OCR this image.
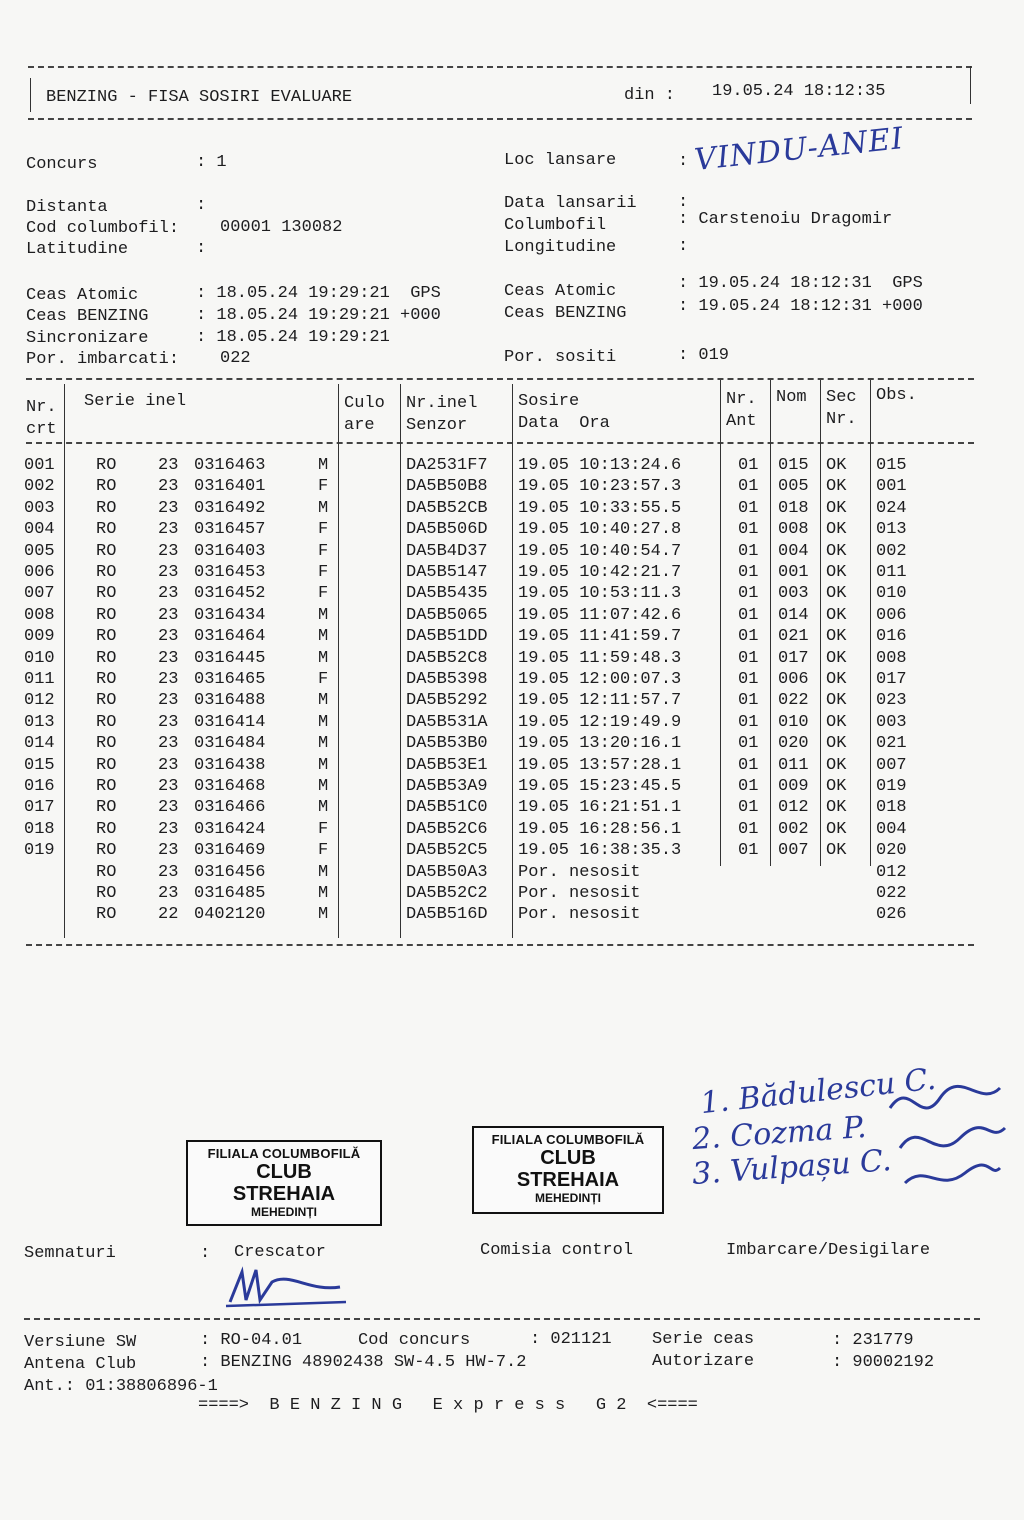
BENZING - FISA SOSIRI EVALUARE	din : 19.05.24 18:12:35
Concurs	: 1	Loc lansare	: VINDU-ANEI
Distanta	:	Data lansarii :
Cod columbofil: 00001 130082	Columbofil	: Carstenoiu Dragomir
Latitudine	:	Longitudine	:
Ceas Atomic	: 18.05.24 19:29:21  GPS	Ceas Atomic	: 19.05.24 18:12:31  GPS
Ceas BENZING	: 18.05.24 19:29:21 +000	Ceas BENZING	: 19.05.24 18:12:31 +000
Sincronizare	: 18.05.24 19:29:21
Por. imbarcati: 022	Por. sositi	: 019
Nr.
crt
Serie inel	Culo
are
Nr.inel
Senzor
Sosire
Data  Ora
Nr.
Ant
Nom Sec
Nr.
Obs.
001 RO 23 0316463	M	DA2531F7 19.05 10:13:24.6	01 015 OK 015
002 RO 23 0316401	F	DA5B50B8 19.05 10:23:57.3	01 005 OK 001
003 RO 23 0316492	M	DA5B52CB 19.05 10:33:55.5	01 018 OK 024
004 RO 23 0316457	F	DA5B506D 19.05 10:40:27.8	01 008 OK 013
005 RO 23 0316403	F	DA5B4D37 19.05 10:40:54.7	01 004 OK 002
006 RO 23 0316453	F	DA5B5147 19.05 10:42:21.7	01 001 OK 011
007 RO 23 0316452	F	DA5B5435 19.05 10:53:11.3	01 003 OK 010
008 RO 23 0316434	M	DA5B5065 19.05 11:07:42.6	01 014 OK 006
009 RO 23 0316464	M	DA5B51DD 19.05 11:41:59.7	01 021 OK 016
010 RO 23 0316445	M	DA5B52C8 19.05 11:59:48.3	01 017 OK 008
011 RO 23 0316465	F	DA5B5398 19.05 12:00:07.3	01 006 OK 017
012 RO 23 0316488	M	DA5B5292 19.05 12:11:57.7	01 022 OK 023
013 RO 23 0316414	M	DA5B531A 19.05 12:19:49.9	01 010 OK 003
014 RO 23 0316484	M	DA5B53B0 19.05 13:20:16.1	01 020 OK 021
015 RO 23 0316438	M	DA5B53E1 19.05 13:57:28.1	01 011 OK 007
016 RO 23 0316468	M	DA5B53A9 19.05 15:23:45.5	01 009 OK 019
017 RO 23 0316466	M	DA5B51C0 19.05 16:21:51.1	01 012 OK 018
018 RO 23 0316424	F	DA5B52C6 19.05 16:28:56.1	01 002 OK 004
019 RO 23 0316469	F	DA5B52C5 19.05 16:38:35.3	01 007 OK 020
RO 23 0316456	M	DA5B50A3 Por. nesosit	012
RO 23 0316485	M	DA5B52C2 Por. nesosit	022
RO 22 0402120	M	DA5B516D Por. nesosit	026
FILIALA COLUMBOFILĂ
CLUB
STREHAIA
MEHEDINȚI
FILIALA COLUMBOFILĂ
CLUB
STREHAIA
MEHEDINȚI
1. Bădulescu C.
2. Cozma P.
3. Vulpașu C.
Semnaturi	: Crescator	Comisia control	Imbarcare/Desigilare
Versiune SW	: RO-04.01	Cod concurs	: 021121 Serie ceas	: 231779
Antena Club	: BENZING 48902438 SW-4.5 HW-7.2	Autorizare	: 90002192
Ant.: 01:38806896-1
====>  B E N Z I N G   E x p r e s s   G 2  <====
